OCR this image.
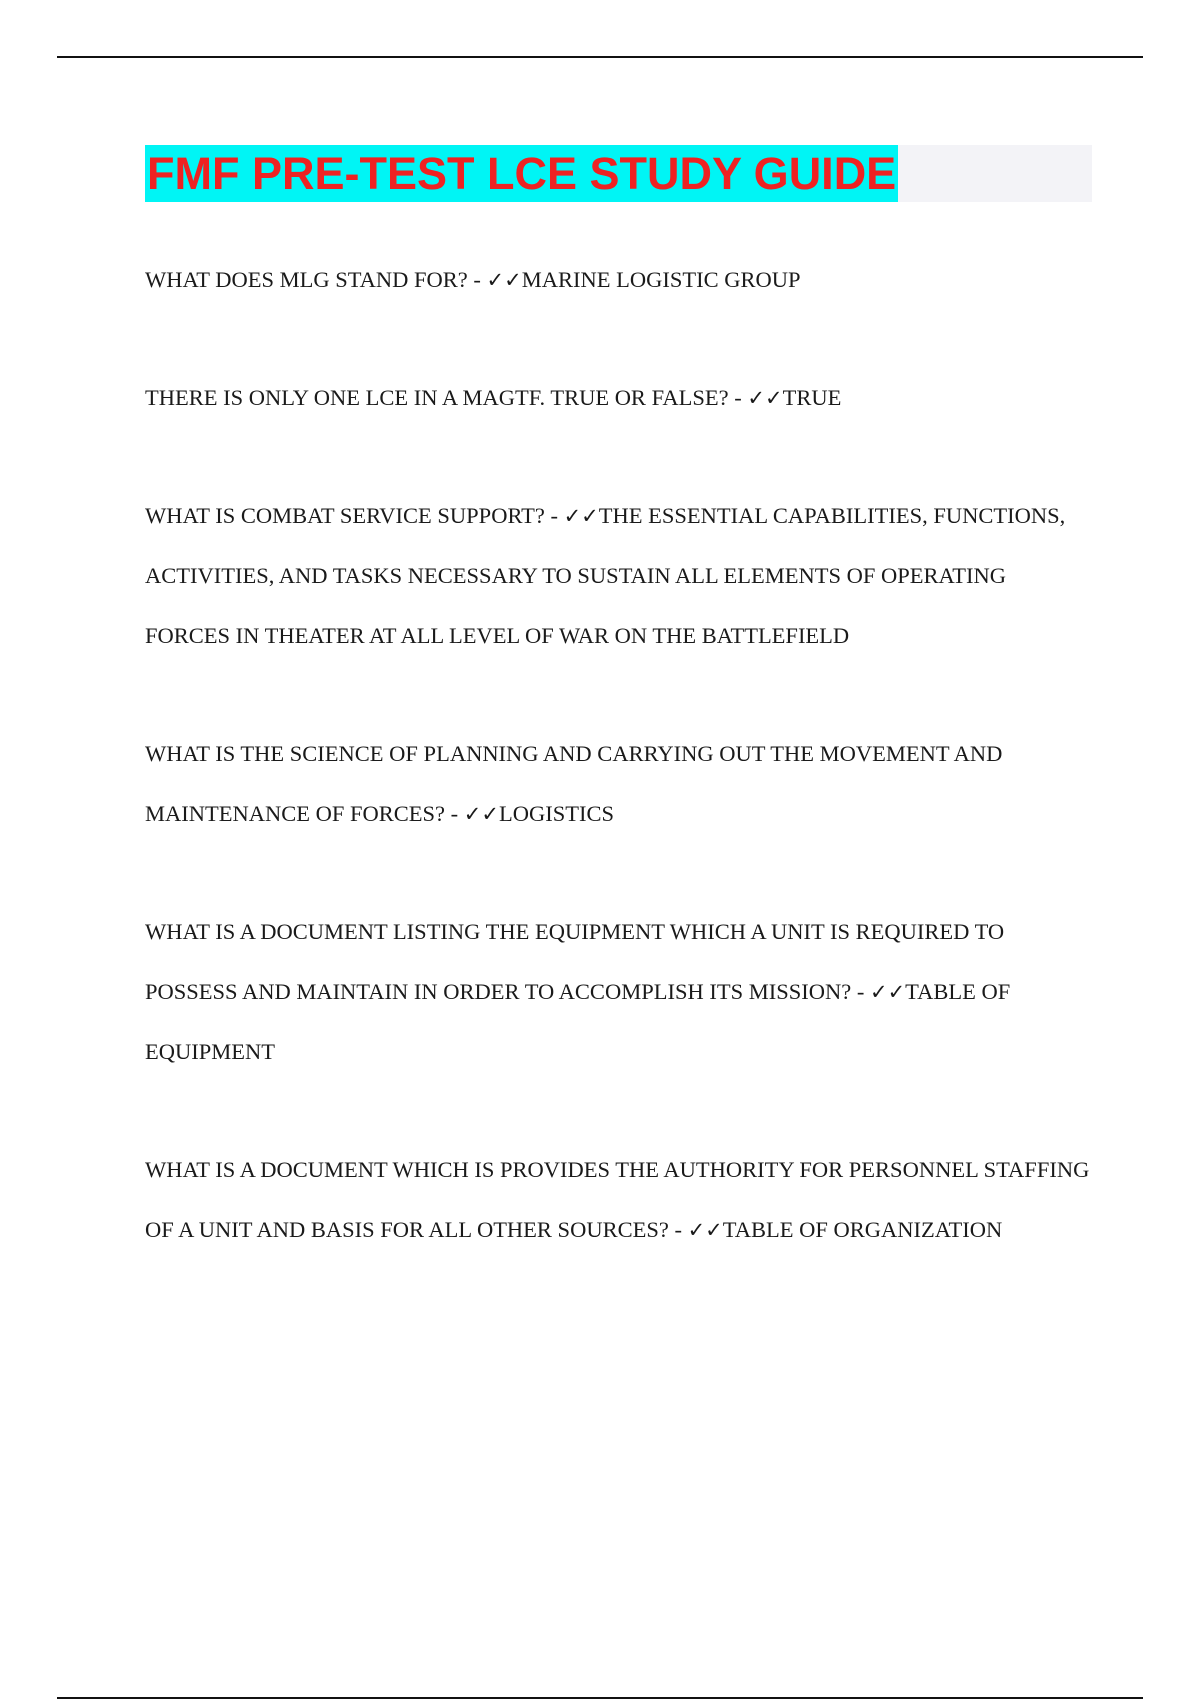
FMF PRE-TEST LCE STUDY GUIDE

WHAT DOES MLG STAND FOR? - ✓✓MARINE LOGISTIC GROUP

THERE IS ONLY ONE LCE IN A MAGTF. TRUE OR FALSE? - ✓✓TRUE

WHAT IS COMBAT SERVICE SUPPORT? - ✓✓THE ESSENTIAL CAPABILITIES, FUNCTIONS, ACTIVITIES, AND TASKS NECESSARY TO SUSTAIN ALL ELEMENTS OF OPERATING FORCES IN THEATER AT ALL LEVEL OF WAR ON THE BATTLEFIELD

WHAT IS THE SCIENCE OF PLANNING AND CARRYING OUT THE MOVEMENT AND MAINTENANCE OF FORCES? - ✓✓LOGISTICS

WHAT IS A DOCUMENT LISTING THE EQUIPMENT WHICH A UNIT IS REQUIRED TO POSSESS AND MAINTAIN IN ORDER TO ACCOMPLISH ITS MISSION? - ✓✓TABLE OF EQUIPMENT

WHAT IS A DOCUMENT WHICH IS PROVIDES THE AUTHORITY FOR PERSONNEL STAFFING OF A UNIT AND BASIS FOR ALL OTHER SOURCES? - ✓✓TABLE OF ORGANIZATION
